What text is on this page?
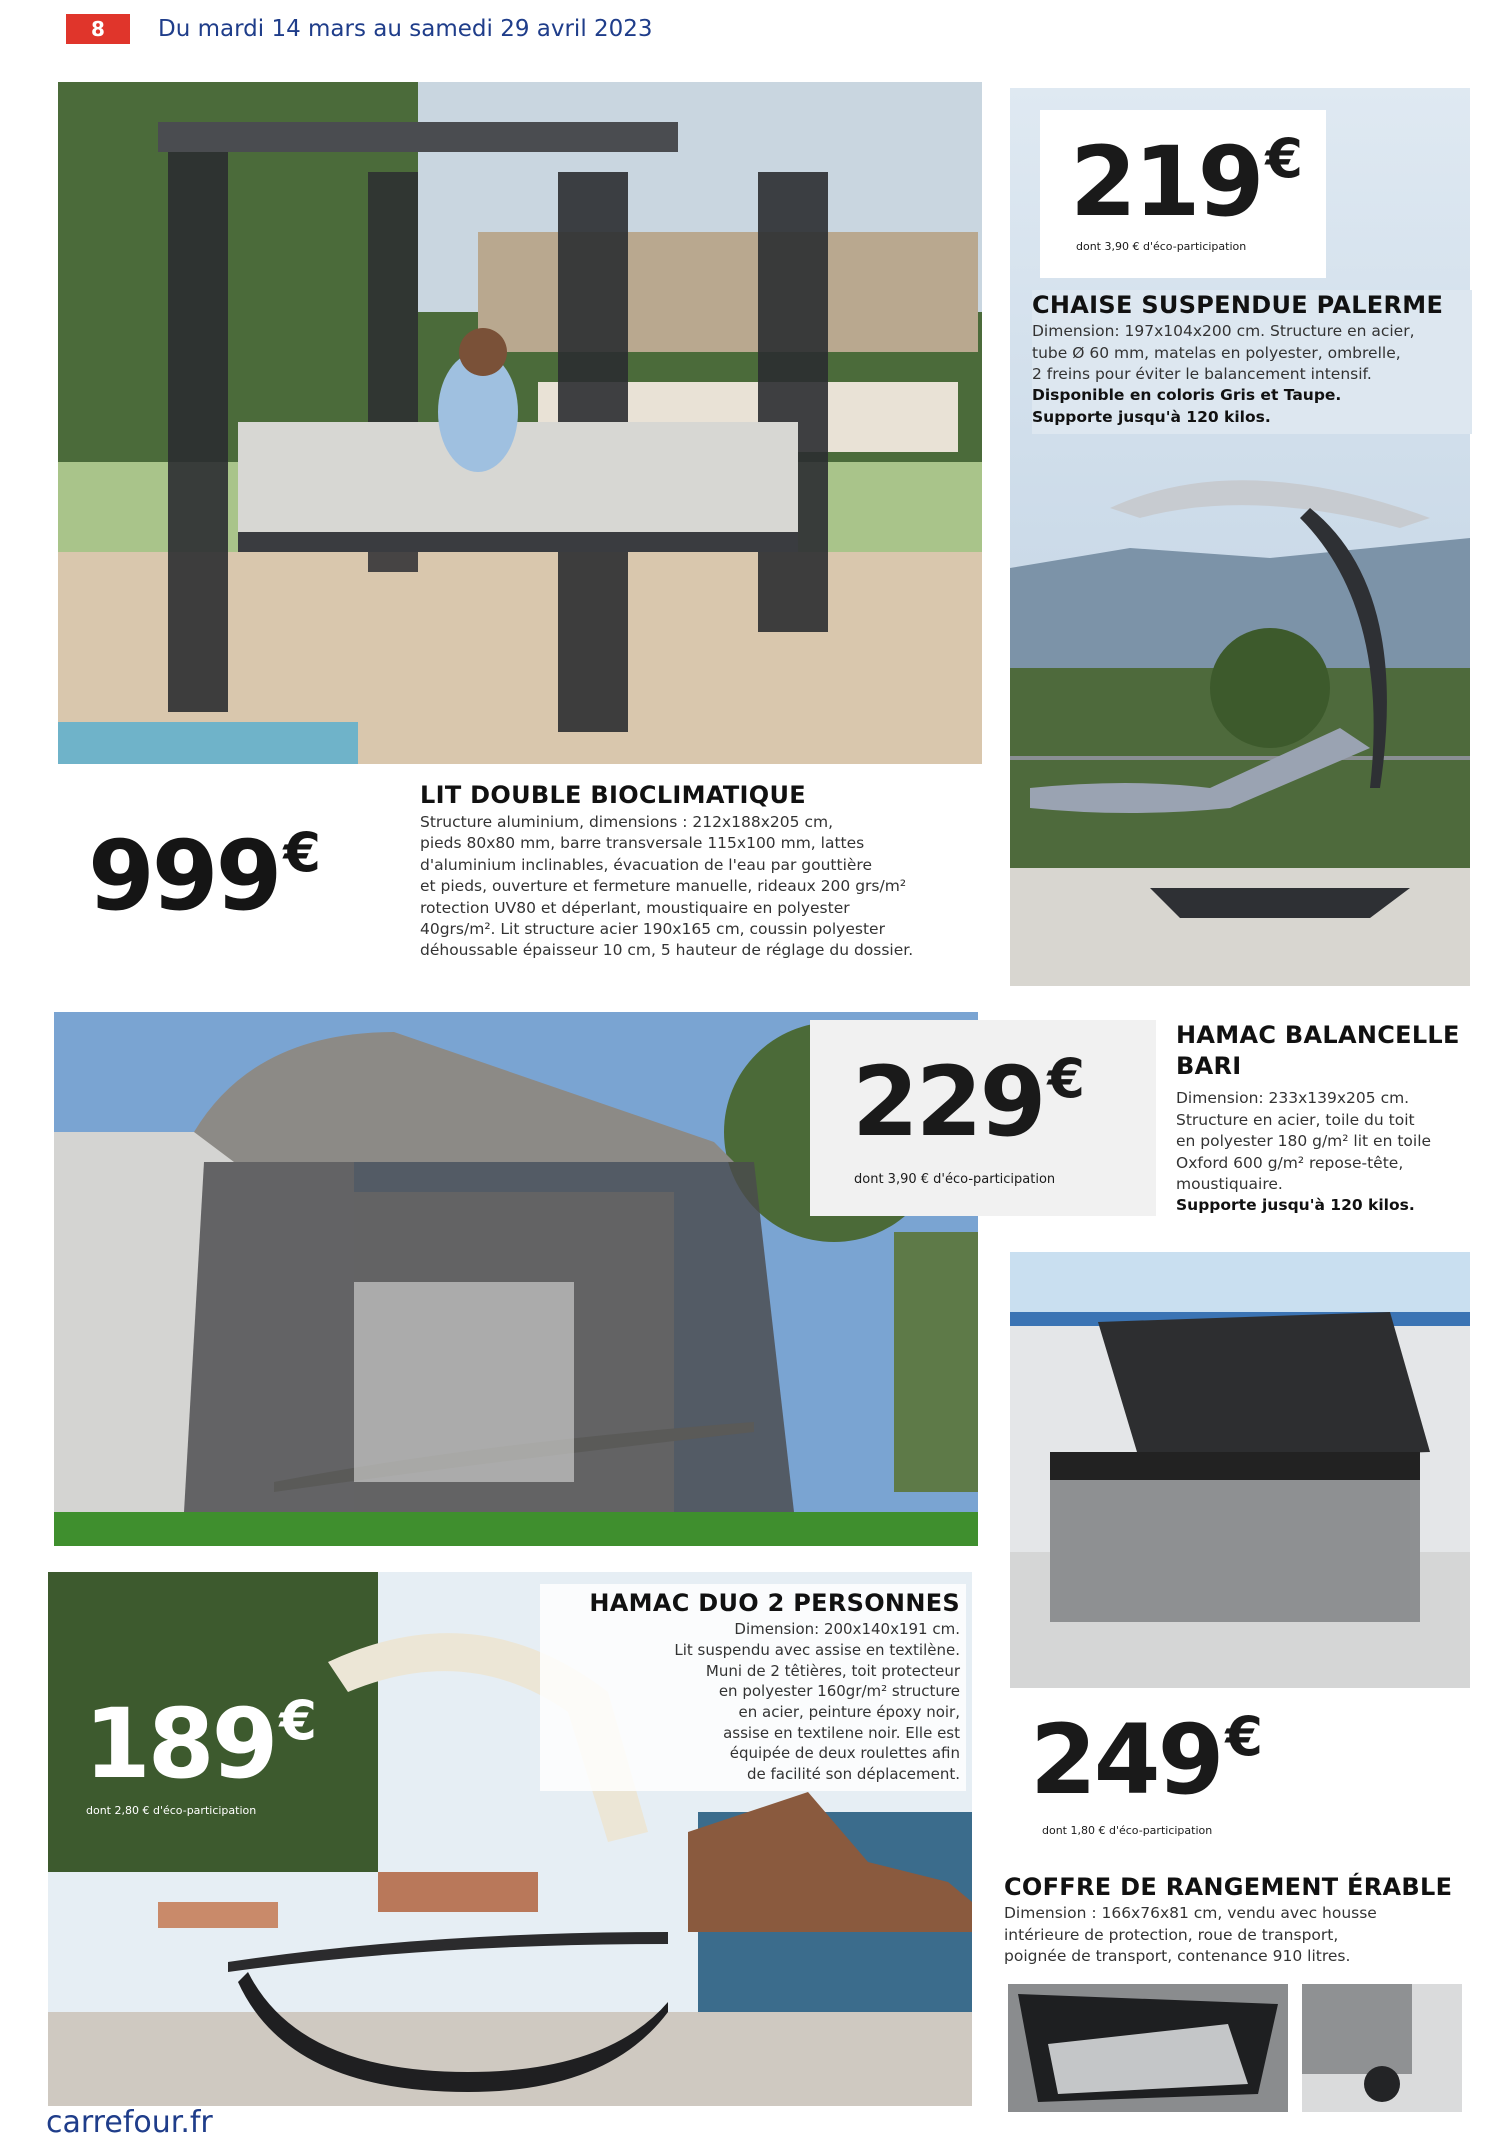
8	Du mardi 14 mars au samedi 29 avril 2023
999€
LIT DOUBLE BIOCLIMATIQUE
Structure aluminium, dimensions : 212x188x205 cm,
pieds 80x80 mm, barre transversale 115x100 mm, lattes
d'aluminium inclinables, évacuation de l'eau par gouttière
et pieds, ouverture et fermeture manuelle, rideaux 200 grs/m²
rotection UV80 et déperlant, moustiquaire en polyester
40grs/m². Lit structure acier 190x165 cm, coussin polyester
déhoussable épaisseur 10 cm, 5 hauteur de réglage du dossier.
219€
dont 3,90 € d'éco-participation
CHAISE SUSPENDUE PALERME
Dimension: 197x104x200 cm. Structure en acier,
tube Ø 60 mm, matelas en polyester, ombrelle,
2 freins pour éviter le balancement intensif.
Disponible en coloris Gris et Taupe.
Supporte jusqu'à 120 kilos.
229€
dont 3,90 € d'éco-participation
HAMAC BALANCELLE
BARI
Dimension: 233x139x205 cm.
Structure en acier, toile du toit
en polyester 180 g/m² lit en toile
Oxford 600 g/m² repose-tête,
moustiquaire.
Supporte jusqu'à 120 kilos.
249€
dont 1,80 € d'éco-participation
COFFRE DE RANGEMENT ÉRABLE
Dimension : 166x76x81 cm, vendu avec housse
intérieure de protection, roue de transport,
poignée de transport, contenance 910 litres.
189€
dont 2,80 € d'éco-participation
HAMAC DUO 2 PERSONNES
Dimension: 200x140x191 cm.
Lit suspendu avec assise en textilène.
Muni de 2 têtières, toit protecteur
en polyester 160gr/m² structure
en acier, peinture époxy noir,
assise en textilene noir. Elle est
équipée de deux roulettes afin
de facilité son déplacement.
carrefour.fr
